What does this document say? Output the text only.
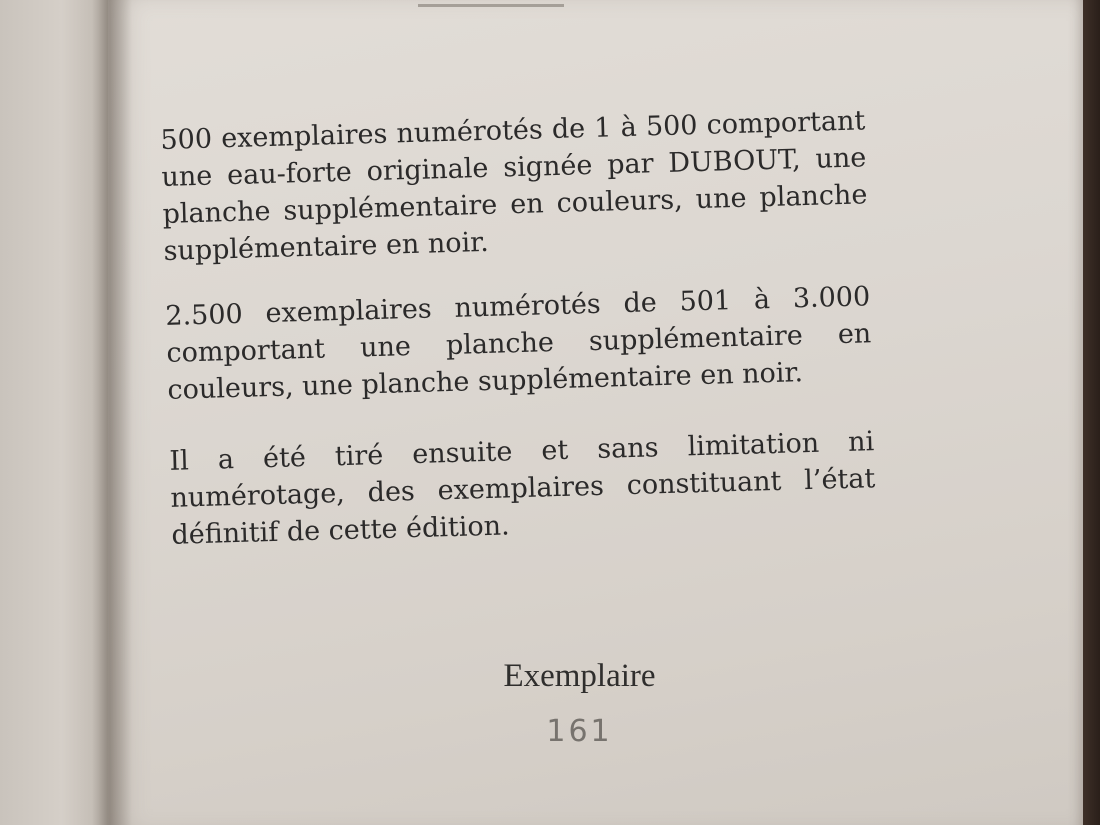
500 exemplaires numérotés de 1 à 500 comportant une eau-forte originale signée par DUBOUT, une planche supplémentaire en couleurs, une planche supplémentaire en noir.

2.500 exemplaires numérotés de 501 à 3.000 comportant une planche supplémentaire en couleurs, une planche supplémentaire en noir.

Il a été tiré ensuite et sans limitation ni numérotage, des exemplaires constituant l’état définitif de cette édition.

Exemplaire
161
